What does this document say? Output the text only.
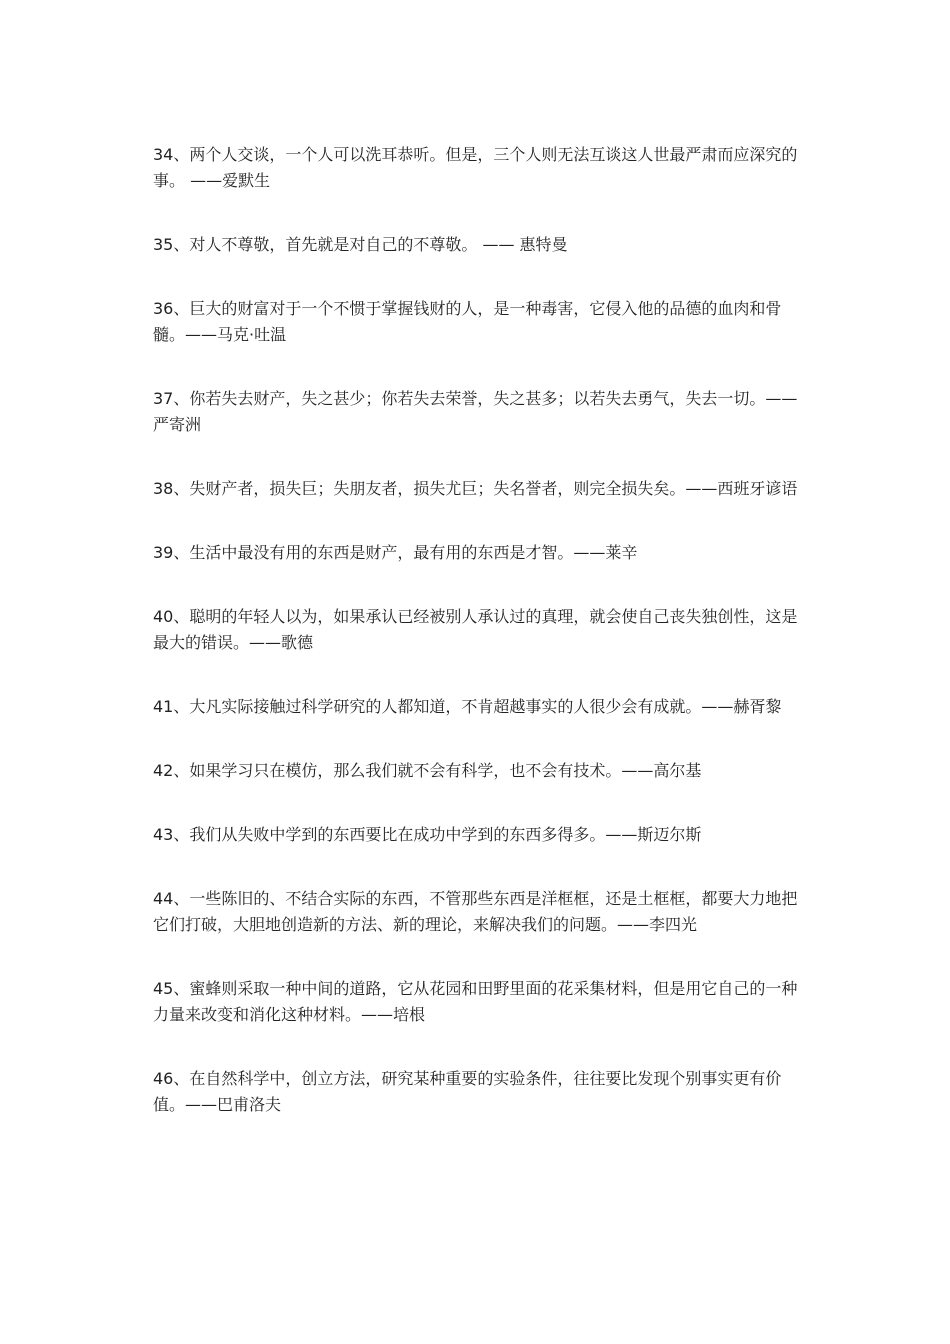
34、两个人交谈，一个人可以洗耳恭听。但是，三个人则无法互谈这人世最严肃而应深究的事。 ——爱默生

35、对人不尊敬，首先就是对自己的不尊敬。 —— 惠特曼

36、巨大的财富对于一个不惯于掌握钱财的人，是一种毒害，它侵入他的品德的血肉和骨髓。——马克·吐温

37、你若失去财产，失之甚少；你若失去荣誉，失之甚多；以若失去勇气，失去一切。——严寄洲

38、失财产者，损失巨；失朋友者，损失尤巨；失名誉者，则完全损失矣。——西班牙谚语

39、生活中最没有用的东西是财产，最有用的东西是才智。——莱辛

40、聪明的年轻人以为，如果承认已经被别人承认过的真理，就会使自己丧失独创性，这是最大的错误。——歌德

41、大凡实际接触过科学研究的人都知道，不肯超越事实的人很少会有成就。——赫胥黎

42、如果学习只在模仿，那么我们就不会有科学，也不会有技术。——高尔基

43、我们从失败中学到的东西要比在成功中学到的东西多得多。——斯迈尔斯

44、一些陈旧的、不结合实际的东西，不管那些东西是洋框框，还是土框框，都要大力地把它们打破，大胆地创造新的方法、新的理论，来解决我们的问题。——李四光

45、蜜蜂则采取一种中间的道路，它从花园和田野里面的花采集材料，但是用它自己的一种力量来改变和消化这种材料。——培根

46、在自然科学中，创立方法，研究某种重要的实验条件，往往要比发现个别事实更有价值。——巴甫洛夫
